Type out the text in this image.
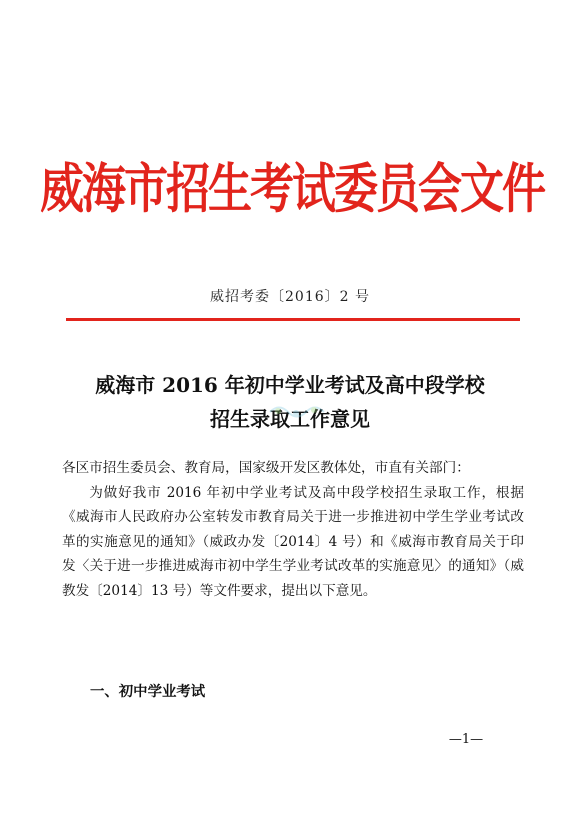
威海市招生考试委员会文件
威招考委〔2016〕2 号
威海市 2016 年初中学业考试及高中段学校
招生录取工作意见

各区市招生委员会、教育局，国家级开发区教体处，市直有关部门：

为做好我市 2016 年初中学业考试及高中段学校招生录取工作，根据《威海市人民政府办公室转发市教育局关于进一步推进初中学生学业考试改革的实施意见的通知》（威政办发〔2014〕4 号）和《威海市教育局关于印发〈关于进一步推进威海市初中学生学业考试改革的实施意见〉的通知》（威教发〔2014〕13 号）等文件要求，提出以下意见。

一、初中学业考试
—1—
